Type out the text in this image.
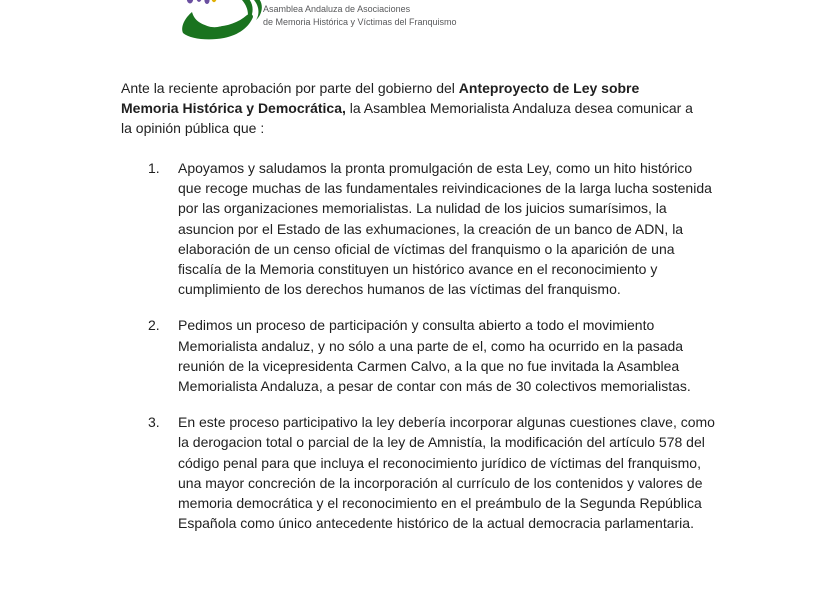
Asamblea Andaluza de Asociaciones
de Memoria Histórica y Víctimas del Franquismo

Ante la reciente aprobación por parte del gobierno del Anteproyecto de Ley sobre Memoria Histórica y Democrática, la Asamblea Memorialista Andaluza desea comunicar a la opinión pública que :

1.	Apoyamos y saludamos la pronta promulgación de esta Ley, como un hito histórico que recoge muchas de las fundamentales reivindicaciones de la larga lucha sostenida por las organizaciones memorialistas. La nulidad de los juicios sumarísimos, la asuncion por el Estado de las exhumaciones, la creación de un banco de ADN, la elaboración de un censo oficial de víctimas del franquismo o la aparición de una fiscalía de la Memoria constituyen un histórico avance en el reconocimiento y cumplimiento de los derechos humanos de las víctimas del franquismo.
2.	Pedimos un proceso de participación y consulta abierto a todo el movimiento Memorialista andaluz, y no sólo a una parte de el, como ha ocurrido en la pasada reunión de la vicepresidenta Carmen Calvo, a la que no fue invitada la Asamblea Memorialista Andaluza, a pesar de contar con más de 30 colectivos memorialistas.
3.	En este proceso participativo la ley debería incorporar algunas cuestiones clave, como la derogacion total o parcial de la ley de Amnistía, la modificación del artículo 578 del código penal para que incluya el reconocimiento jurídico de víctimas del franquismo, una mayor concreción de la incorporación al currículo de los contenidos y valores de memoria democrática y el reconocimiento en el preámbulo de la Segunda República Española como único antecedente histórico de la actual democracia parlamentaria.
